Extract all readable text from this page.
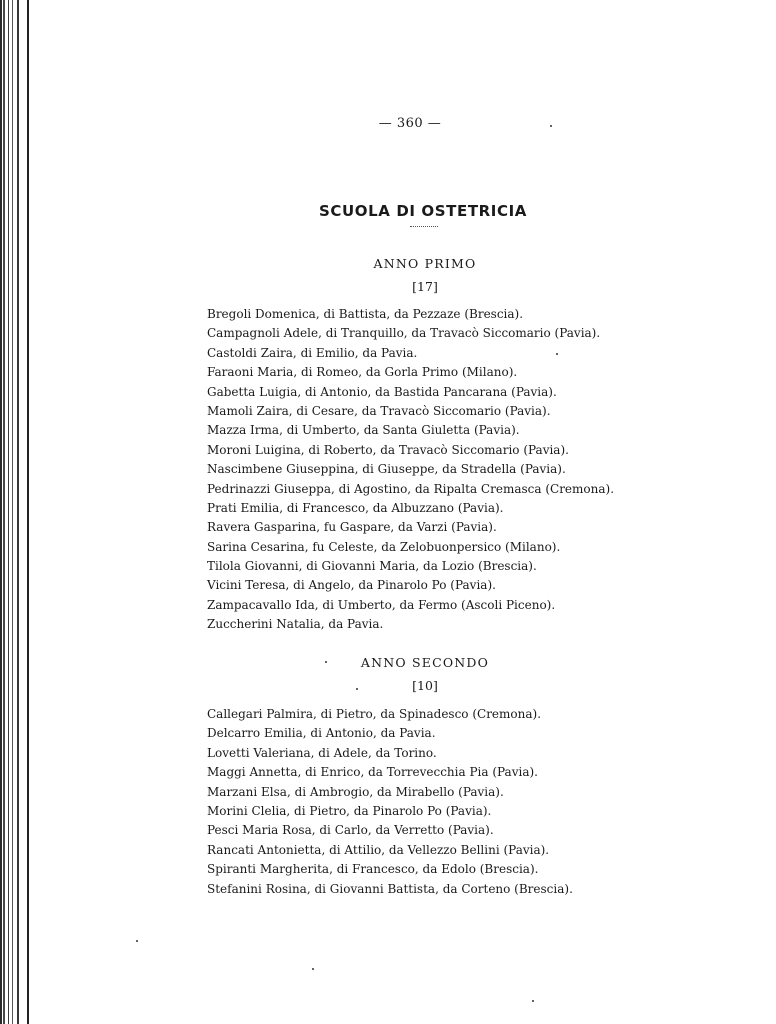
— 360 —
SCUOLA DI OSTETRICIA
ANNO PRIMO
[17]
Bregoli Domenica, di Battista, da Pezzaze (Brescia).
Campagnoli Adele, di Tranquillo, da Travacò Siccomario (Pavia).
Castoldi Zaira, di Emilio, da Pavia.
Faraoni Maria, di Romeo, da Gorla Primo (Milano).
Gabetta Luigia, di Antonio, da Bastida Pancarana (Pavia).
Mamoli Zaira, di Cesare, da Travacò Siccomario (Pavia).
Mazza Irma, di Umberto, da Santa Giuletta (Pavia).
Moroni Luigina, di Roberto, da Travacò Siccomario (Pavia).
Nascimbene Giuseppina, di Giuseppe, da Stradella (Pavia).
Pedrinazzi Giuseppa, di Agostino, da Ripalta Cremasca (Cremona).
Prati Emilia, di Francesco, da Albuzzano (Pavia).
Ravera Gasparina, fu Gaspare, da Varzi (Pavia).
Sarina Cesarina, fu Celeste, da Zelobuonpersico (Milano).
Tilola Giovanni, di Giovanni Maria, da Lozio (Brescia).
Vicini Teresa, di Angelo, da Pinarolo Po (Pavia).
Zampacavallo Ida, di Umberto, da Fermo (Ascoli Piceno).
Zuccherini Natalia, da Pavia.
ANNO SECONDO
[10]
Callegari Palmira, di Pietro, da Spinadesco (Cremona).
Delcarro Emilia, di Antonio, da Pavia.
Lovetti Valeriana, di Adele, da Torino.
Maggi Annetta, di Enrico, da Torrevecchia Pia (Pavia).
Marzani Elsa, di Ambrogio, da Mirabello (Pavia).
Morini Clelia, di Pietro, da Pinarolo Po (Pavia).
Pesci Maria Rosa, di Carlo, da Verretto (Pavia).
Rancati Antonietta, di Attilio, da Vellezzo Bellini (Pavia).
Spiranti Margherita, di Francesco, da Edolo (Brescia).
Stefanini Rosina, di Giovanni Battista, da Corteno (Brescia).
